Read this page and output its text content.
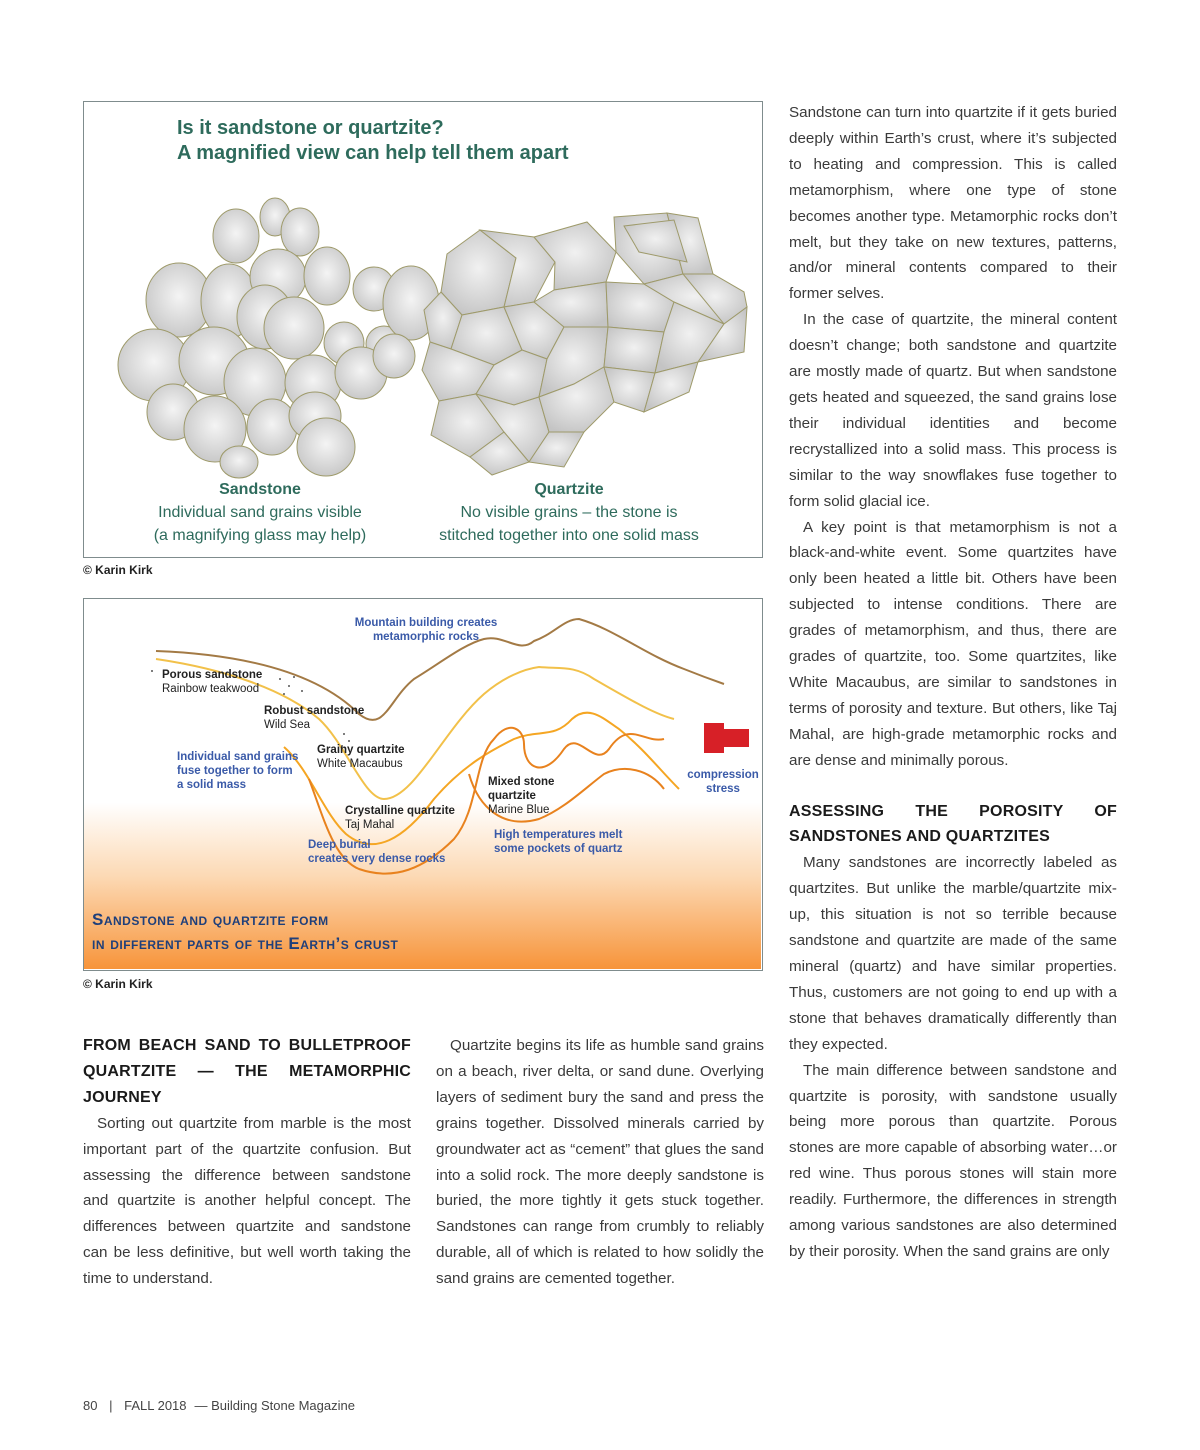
Is it sandstone or quartzite?
A magnified view can help tell them apart
Sandstone
Individual sand grains visible
(a magnifying glass may help)
Quartzite
No visible grains – the stone is
stitched together into one solid mass
© Karin Kirk
Mountain building creates
metamorphic rocks
Porous sandstone
Rainbow teakwood
Robust sandstone
Wild Sea
Individual sand grains
fuse together to form
a solid mass
Grainy quartzite
White Macaubus
Mixed stone
quartzite
Marine Blue
compression
stress
Crystalline quartzite
Taj Mahal
Deep burial
creates very dense rocks
High temperatures melt
some pockets of quartz
Sandstone and quartzite form
in different parts of the Earth’s crust
© Karin Kirk
FROM BEACH SAND TO BULLETPROOF QUARTZITE — THE METAMORPHIC JOURNEY

Sorting out quartzite from marble is the most important part of the quartzite confusion. But assessing the difference between sandstone and quartzite is another helpful concept. The differences between quartzite and sandstone can be less definitive, but well worth taking the time to understand.

Quartzite begins its life as humble sand grains on a beach, river delta, or sand dune. Overlying layers of sediment bury the sand and press the grains together. Dissolved minerals carried by groundwater act as “cement” that glues the sand into a solid rock. The more deeply sandstone is buried, the more tightly it gets stuck together. Sandstones can range from crumbly to reliably durable, all of which is related to how solidly the sand grains are cemented together.

Sandstone can turn into quartzite if it gets buried deeply within Earth’s crust, where it’s subjected to heating and compression. This is called metamorphism, where one type of stone becomes another type. Metamorphic rocks don’t melt, but they take on new textures, patterns, and/or mineral contents compared to their former selves.

In the case of quartzite, the mineral content doesn’t change; both sandstone and quartzite are mostly made of quartz. But when sandstone gets heated and squeezed, the sand grains lose their individual identities and become recrystallized into a solid mass. This process is similar to the way snowflakes fuse together to form solid glacial ice.

A key point is that metamorphism is not a black-and-white event. Some quartzites have only been heated a little bit. Others have been subjected to intense conditions. There are grades of metamorphism, and thus, there are grades of quartzite, too. Some quartzites, like White Macaubus, are similar to sandstones in terms of porosity and texture. But others, like Taj Mahal, are high-grade metamorphic rocks and are dense and minimally porous.

ASSESSING THE POROSITY OF SANDSTONES AND QUARTZITES

Many sandstones are incorrectly labeled as quartzites. But unlike the marble/quartzite mix-up, this situation is not so terrible because sandstone and quartzite are made of the same mineral (quartz) and have similar properties. Thus, customers are not going to end up with a stone that behaves dramatically differently than they expected.

The main difference between sandstone and quartzite is porosity, with sandstone usually being more porous than quartzite. Porous stones are more capable of absorbing water…or red wine. Thus porous stones will stain more readily. Furthermore, the differences in strength among various sandstones are also determined by their porosity. When the sand grains are only

80 | FALL 2018 — Building Stone Magazine
